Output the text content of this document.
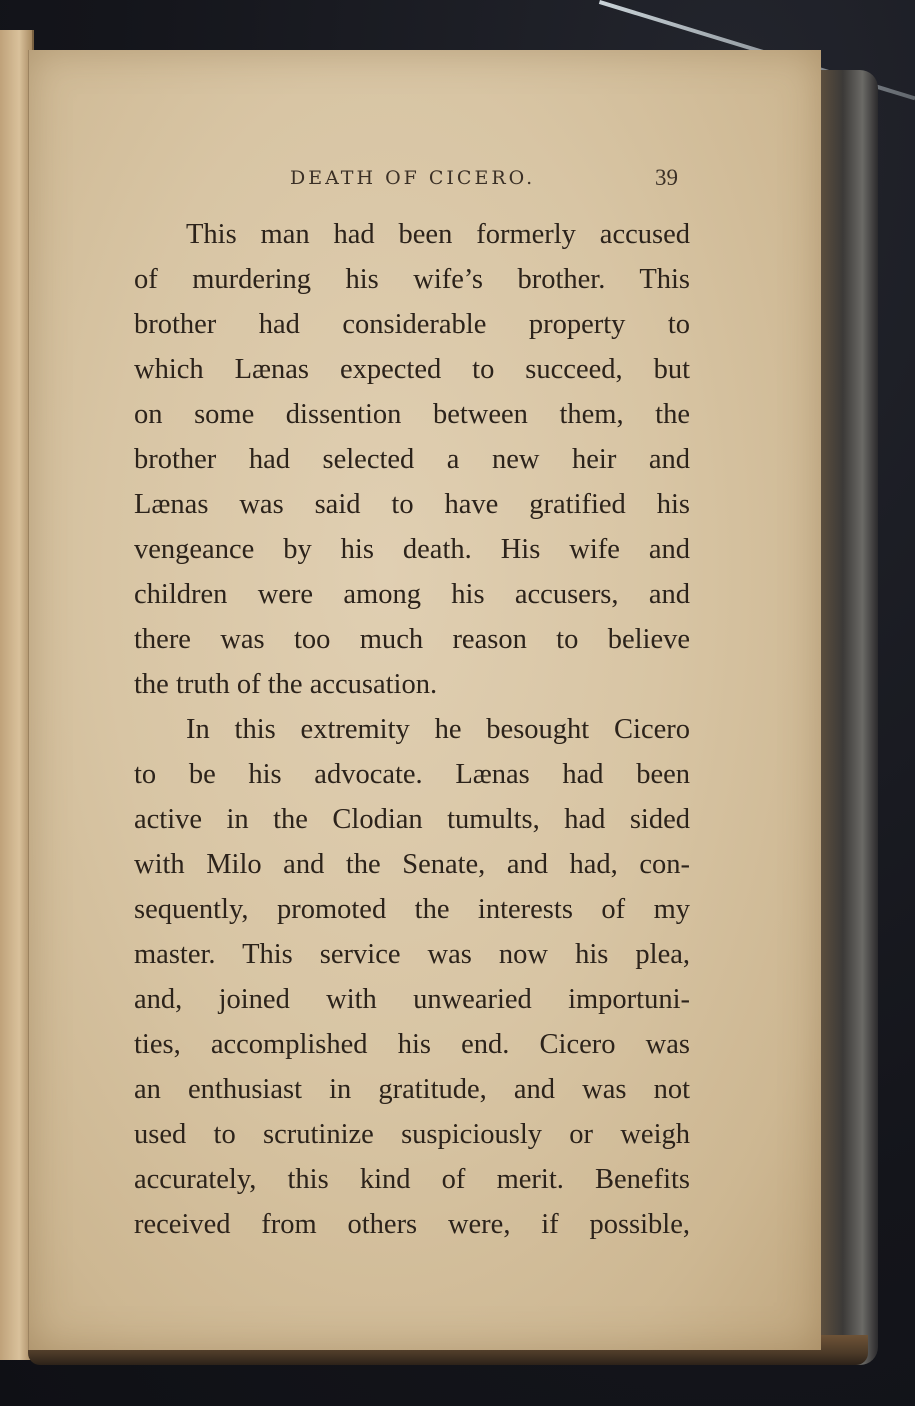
DEATH OF CICERO.	39
This man had been formerly accused
of murdering his wife’s brother. This
brother had considerable property to
which Lænas expected to succeed, but
on some dissention between them, the
brother had selected a new heir and
Lænas was said to have gratified his
vengeance by his death. His wife and
children were among his accusers, and
there was too much reason to believe
the truth of the accusation.
In this extremity he besought Cicero
to be his advocate. Lænas had been
active in the Clodian tumults, had sided
with Milo and the Senate, and had, con-
sequently, promoted the interests of my
master. This service was now his plea,
and, joined with unwearied importuni-
ties, accomplished his end. Cicero was
an enthusiast in gratitude, and was not
used to scrutinize suspiciously or weigh
accurately, this kind of merit. Benefits
received from others were, if possible,
